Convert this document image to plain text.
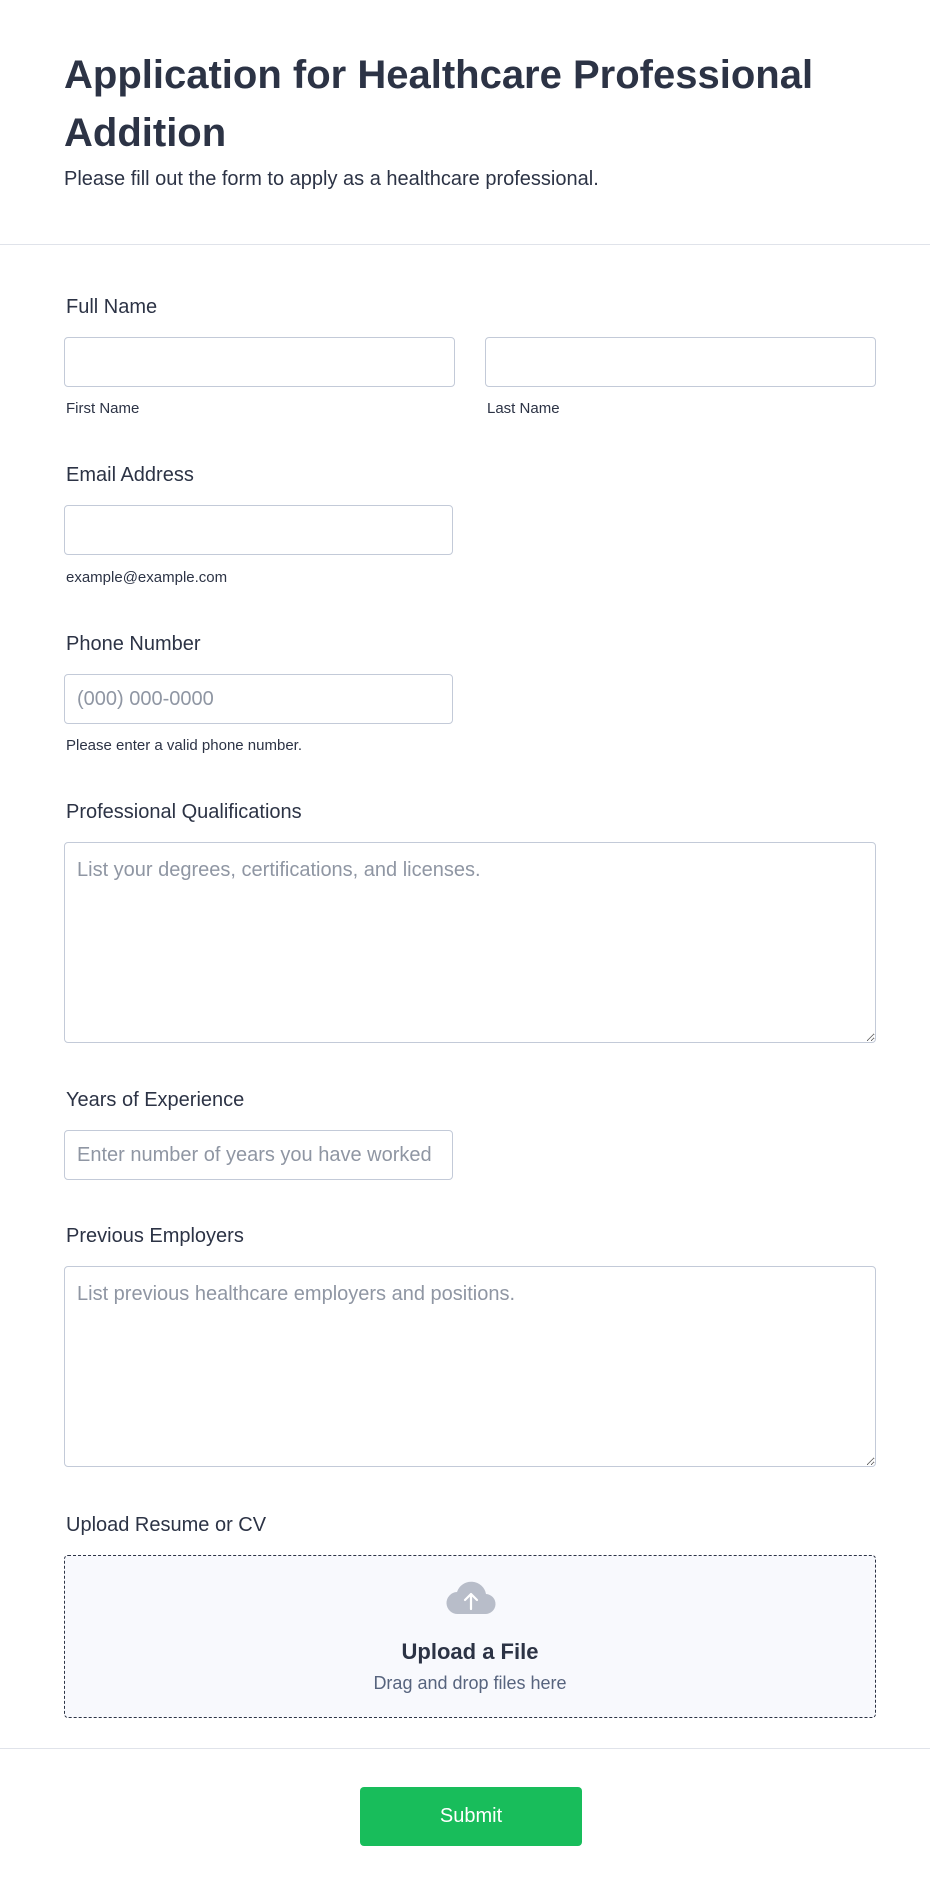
Application for Healthcare Professional Addition

Please fill out the form to apply as a healthcare professional.

Full Name
First Name	Last Name
Email Address
example@example.com
Phone Number
(000) 000-0000
Please enter a valid phone number.
Professional Qualifications
List your degrees, certifications, and licenses.
Years of Experience
Enter number of years you have worked
Previous Employers
List previous healthcare employers and positions.
Upload Resume or CV
Upload a File
Drag and drop files here
Submit
